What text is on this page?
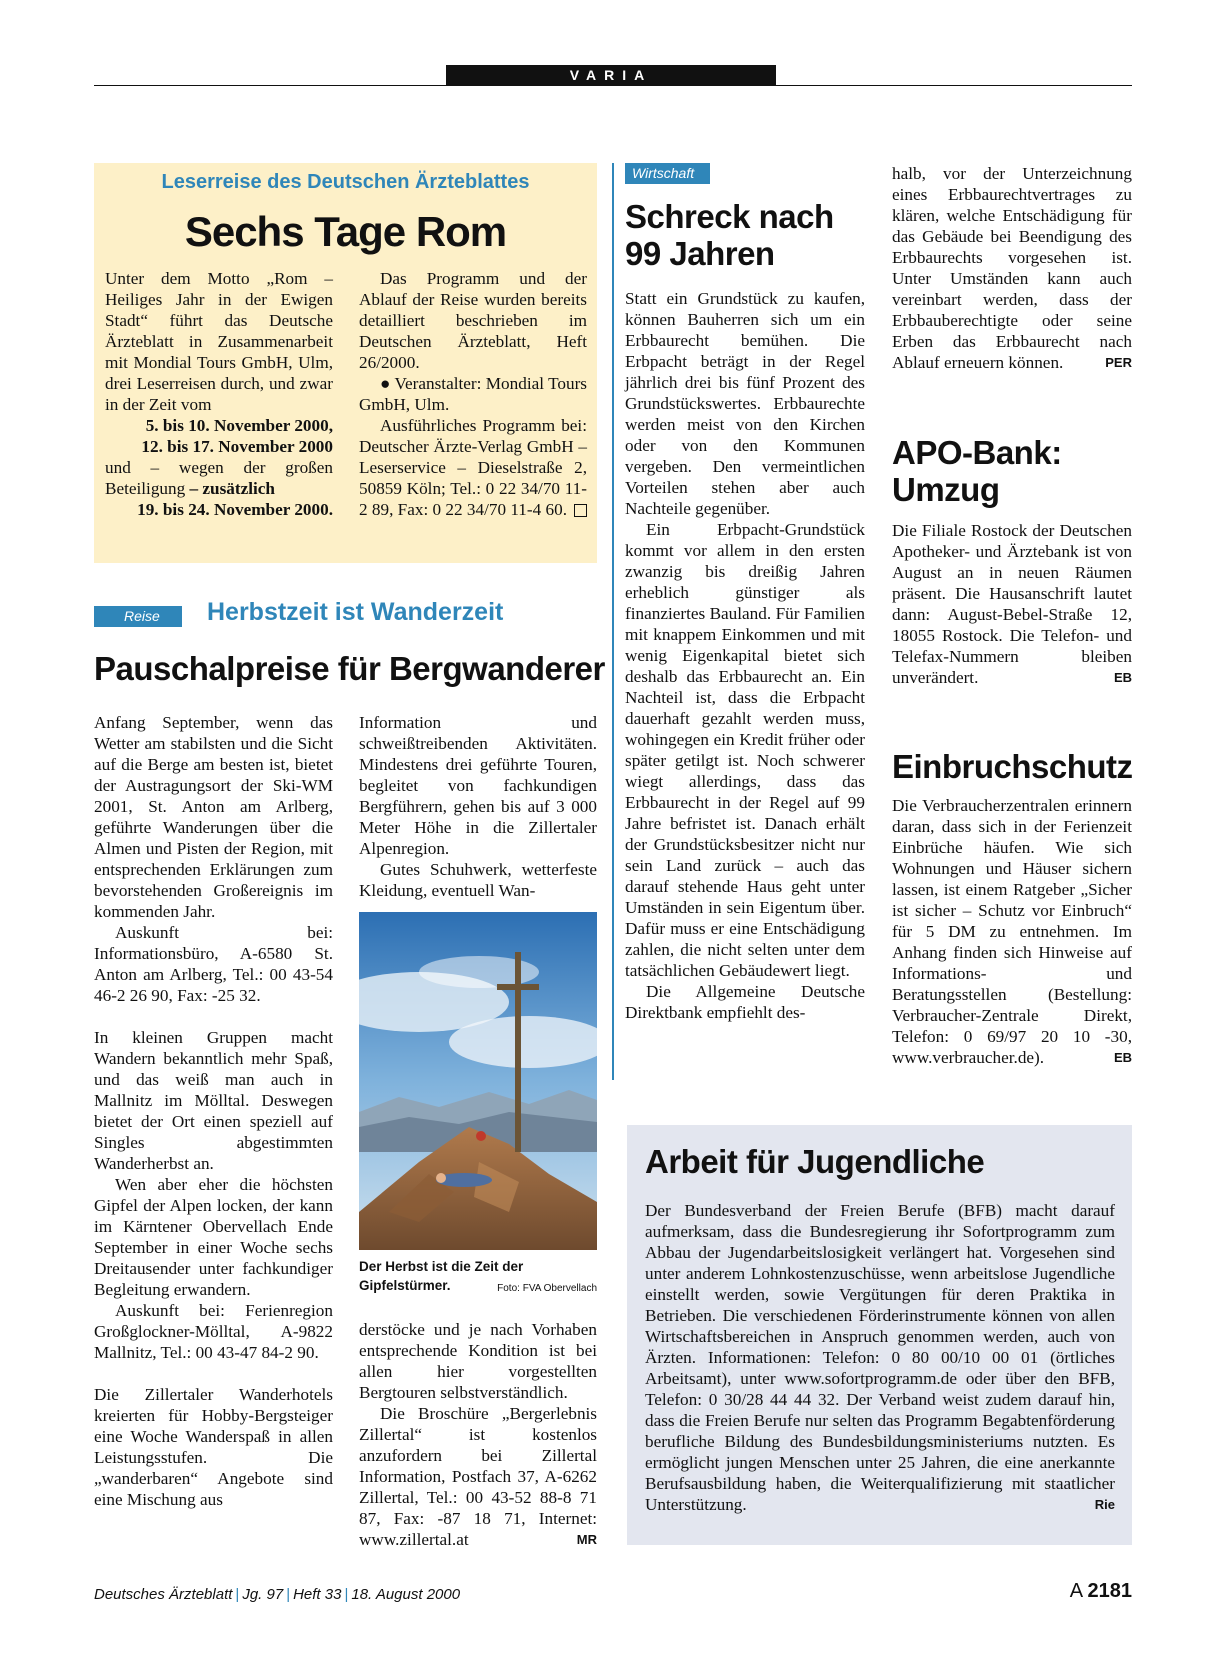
VARIA
Leserreise des Deutschen Ärzteblattes
Sechs Tage Rom

Unter dem Motto „Rom – Heiliges Jahr in der Ewigen Stadt“ führt das Deutsche Ärzteblatt in Zusammenarbeit mit Mondial Tours GmbH, Ulm, drei Leserreisen durch, und zwar in der Zeit vom

5. bis 10. November 2000,
12. bis 17. November 2000

und – wegen der großen Beteiligung – zusätzlich

19. bis 24. November 2000.

Das Programm und der Ablauf der Reise wurden bereits detailliert beschrieben im Deutschen Ärzteblatt, Heft 26/2000.

● Veranstalter: Mondial Tours GmbH, Ulm.

Ausführliches Programm bei: Deutscher Ärzte-Verlag GmbH – Leserservice – Dieselstraße 2, 50859 Köln; Tel.: 0 22 34/70 11-2 89, Fax: 0 22 34/70 11-4 60.

Reise	Herbstzeit ist Wanderzeit
Pauschalpreise für Bergwanderer

Anfang September, wenn das Wetter am stabilsten und die Sicht auf die Berge am besten ist, bietet der Austragungsort der Ski-WM 2001, St. Anton am Arlberg, geführte Wanderungen über die Almen und Pisten der Region, mit entsprechenden Erklärungen zum bevorstehenden Großereignis im kommenden Jahr.

Auskunft bei: Informationsbüro, A-6580 St. Anton am Arlberg, Tel.: 00 43-54 46-2 26 90, Fax: -25 32.

In kleinen Gruppen macht Wandern bekanntlich mehr Spaß, und das weiß man auch in Mallnitz im Mölltal. Deswegen bietet der Ort einen speziell auf Singles abgestimmten Wanderherbst an.

Wen aber eher die höchsten Gipfel der Alpen locken, der kann im Kärntener Obervellach Ende September in einer Woche sechs Dreitausender unter fachkundiger Begleitung erwandern.

Auskunft bei: Ferienregion Großglockner-Mölltal, A-9822 Mallnitz, Tel.: 00 43-47 84-2 90.

Die Zillertaler Wanderhotels kreierten für Hobby-Bergsteiger eine Woche Wanderspaß in allen Leistungsstufen. Die „wanderbaren“ Angebote sind eine Mischung aus

Information und schweißtreibenden Aktivitäten. Mindestens drei geführte Touren, begleitet von fachkundigen Bergführern, gehen bis auf 3 000 Meter Höhe in die Zillertaler Alpenregion.

Gutes Schuhwerk, wetterfeste Kleidung, eventuell Wan-

Der Herbst ist die Zeit der Gipfelstürmer.	Foto: FVA Obervellach

derstöcke und je nach Vorhaben entsprechende Kondition ist bei allen hier vorgestellten Bergtouren selbstverständlich.

Die Broschüre „Bergerlebnis Zillertal“ ist kostenlos anzufordern bei Zillertal Information, Postfach 37, A-6262 Zillertal, Tel.: 00 43-52 88-8 71 87, Fax: -87 18 71, Internet: www.zillertal.at	MR

Wirtschaft
Schreck nach 99 Jahren

Statt ein Grundstück zu kaufen, können Bauherren sich um ein Erbbaurecht bemühen. Die Erbpacht beträgt in der Regel jährlich drei bis fünf Prozent des Grundstückswertes. Erbbaurechte werden meist von den Kirchen oder von den Kommunen vergeben. Den vermeintlichen Vorteilen stehen aber auch Nachteile gegenüber.

Ein Erbpacht-Grundstück kommt vor allem in den ersten zwanzig bis dreißig Jahren erheblich günstiger als finanziertes Bauland. Für Familien mit knappem Einkommen und mit wenig Eigenkapital bietet sich deshalb das Erbbaurecht an. Ein Nachteil ist, dass die Erbpacht dauerhaft gezahlt werden muss, wohingegen ein Kredit früher oder später getilgt ist. Noch schwerer wiegt allerdings, dass das Erbbaurecht in der Regel auf 99 Jahre befristet ist. Danach erhält der Grundstücksbesitzer nicht nur sein Land zurück – auch das darauf stehende Haus geht unter Umständen in sein Eigentum über. Dafür muss er eine Entschädigung zahlen, die nicht selten unter dem tatsächlichen Gebäudewert liegt.

Die Allgemeine Deutsche Direktbank empfiehlt des-

halb, vor der Unterzeichnung eines Erbbaurechtvertrages zu klären, welche Entschädigung für das Gebäude bei Beendigung des Erbbaurechts vorgesehen ist. Unter Umständen kann auch vereinbart werden, dass der Erbbauberechtigte oder seine Erben das Erbbaurecht nach Ablauf erneuern können.	PER

APO-Bank: Umzug

Die Filiale Rostock der Deutschen Apotheker- und Ärztebank ist von August an in neuen Räumen präsent. Die Hausanschrift lautet dann: August-Bebel-Straße 12, 18055 Rostock. Die Telefon- und Telefax-Nummern bleiben unverändert.	EB

Einbruchschutz

Die Verbraucherzentralen erinnern daran, dass sich in der Ferienzeit Einbrüche häufen. Wie sich Wohnungen und Häuser sichern lassen, ist einem Ratgeber „Sicher ist sicher – Schutz vor Einbruch“ für 5 DM zu entnehmen. Im Anhang finden sich Hinweise auf Informations- und Beratungsstellen (Bestellung: Verbraucher-Zentrale Direkt, Telefon: 0 69/97 20 10 -30, www.verbraucher.de).	EB

Arbeit für Jugendliche

Der Bundesverband der Freien Berufe (BFB) macht darauf aufmerksam, dass die Bundesregierung ihr Sofortprogramm zum Abbau der Jugendarbeitslosigkeit verlängert hat. Vorgesehen sind unter anderem Lohnkostenzuschüsse, wenn arbeitslose Jugendliche einstellt werden, sowie Vergütungen für deren Praktika in Betrieben. Die verschiedenen Förderinstrumente können von allen Wirtschaftsbereichen in Anspruch genommen werden, auch von Ärzten. Informationen: Telefon: 0 80 00/10 00 01 (örtliches Arbeitsamt), unter www.sofortprogramm.de oder über den BFB, Telefon: 0 30/28 44 44 32. Der Verband weist zudem darauf hin, dass die Freien Berufe nur selten das Programm Begabtenförderung berufliche Bildung des Bundesbildungsministeriums nutzten. Es ermöglicht jungen Menschen unter 25 Jahren, die eine anerkannte Berufsausbildung haben, die Weiterqualifizierung mit staatlicher Unterstützung.	Rie

Deutsches Ärzteblatt | Jg. 97 | Heft 33 | 18. August 2000	A 2181
